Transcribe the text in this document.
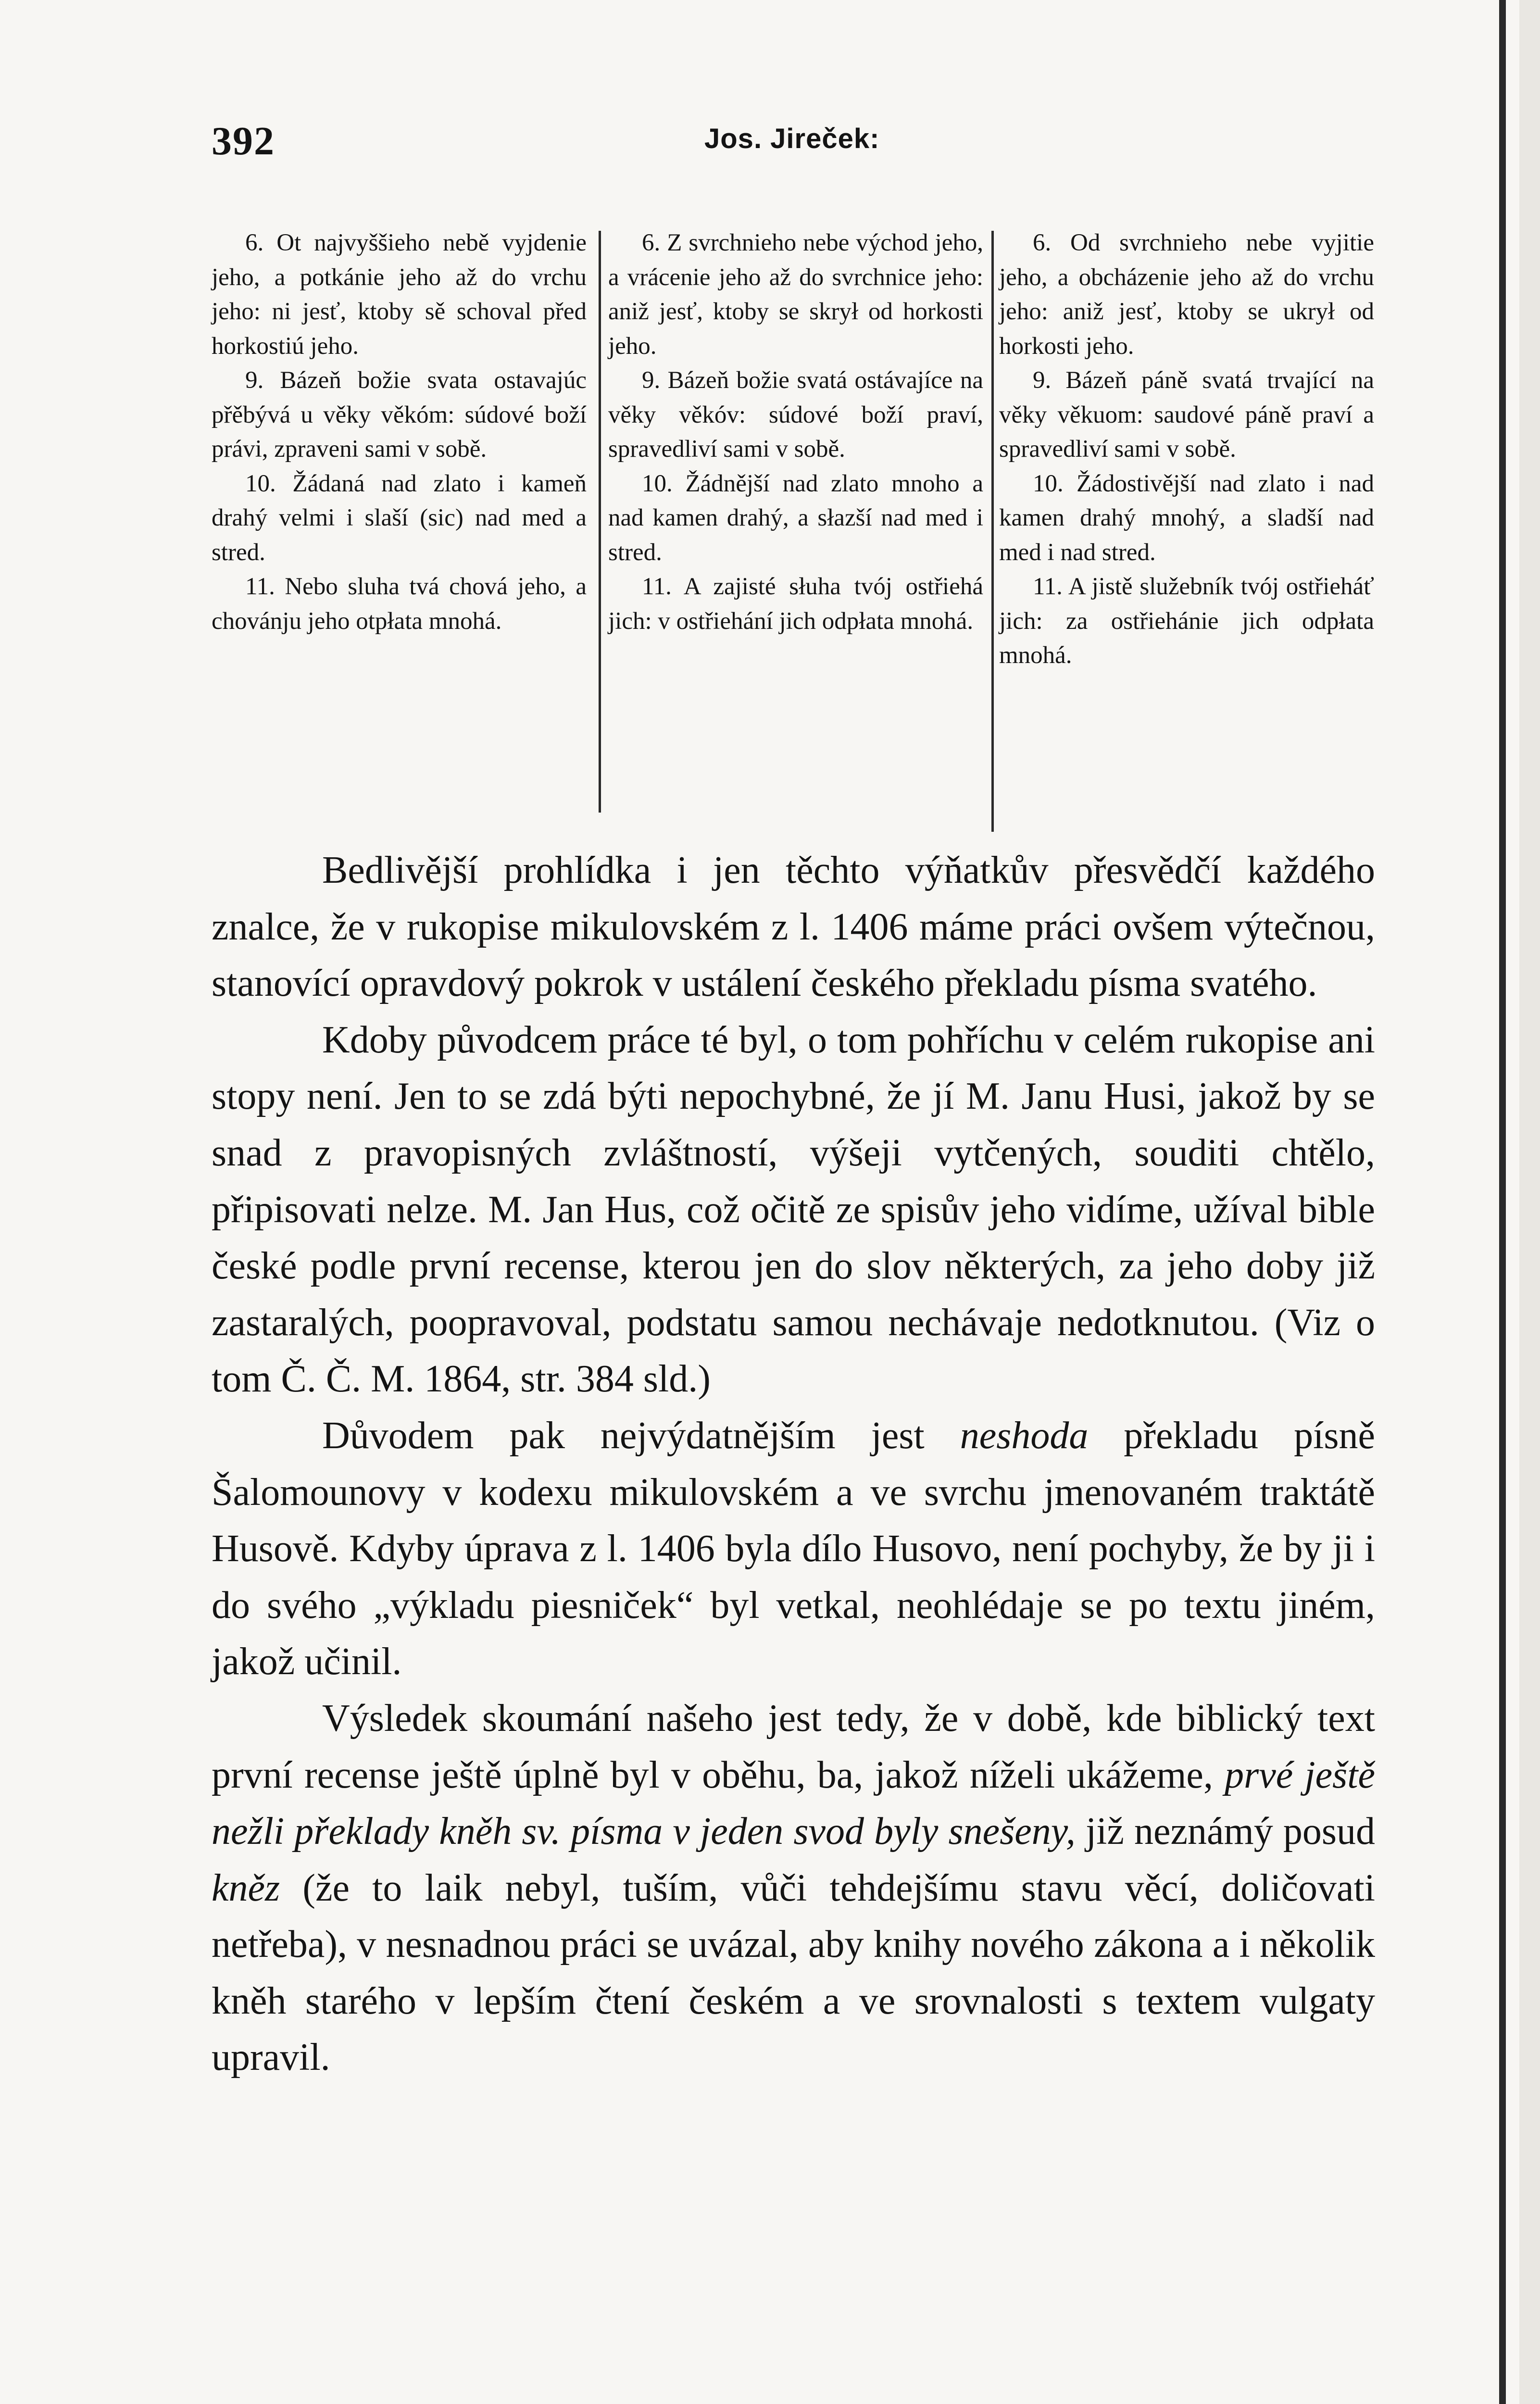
392	Jos. Jireček:

6. Ot najvyššieho nebě vyjdenie jeho, a potkánie jeho až do vrchu jeho: ni jesť, ktoby sě schoval před horkostiú jeho.

9. Bázeň božie svata ostavajúc přěbývá u věky věkóm: súdové boží právi, zpraveni sami v sobě.

10. Žádaná nad zlato i kameň drahý velmi i slaší (sic) nad med a stred.

11. Nebo sluha tvá chová jeho, a chovánju jeho otpłata mnohá.

6. Z svrchnieho nebe východ jeho, a vrácenie jeho až do svrchnice jeho: aniž jesť, ktoby se skrył od horkosti jeho.

9. Bázeň božie svatá ostávajíce na věky věkóv: súdové boží praví, spravedliví sami v sobě.

10. Žádnější nad zlato mnoho a nad kamen drahý, a słazší nad med i stred.

11. A zajisté słuha tvój ostřiehá jich: v ostřiehání jich odpłata mnohá.

6. Od svrchnieho nebe vyjitie jeho, a obcházenie jeho až do vrchu jeho: aniž jesť, ktoby se ukrył od horkosti jeho.

9. Bázeň páně svatá trvající na věky věkuom: saudové páně praví a spravedliví sami v sobě.

10. Žádostivější nad zlato i nad kamen drahý mnohý, a sladší nad med i nad stred.

11. A jistě služebník tvój ostřieháť jich: za ostřiehánie jich odpłata mnohá.

Bedlivější prohlídka i jen těchto výňatkův přesvědčí každého znalce, že v rukopise mikulovském z l. 1406 máme práci ovšem výtečnou, stanovící opravdový pokrok v ustálení českého překladu písma svatého.

Kdoby původcem práce té byl, o tom pohříchu v celém rukopise ani stopy není. Jen to se zdá býti nepochybné, že jí M. Janu Husi, jakož by se snad z pravopisných zvláštností, výšeji vytčených, souditi chtělo, připisovati nelze. M. Jan Hus, což očitě ze spisův jeho vidíme, užíval bible české podle první recense, kterou jen do slov některých, za jeho doby již zastaralých, poopravoval, podstatu samou nechávaje nedotknutou. (Viz o tom Č. Č. M. 1864, str. 384 sld.)

Důvodem pak nejvýdatnějším jest neshoda překladu písně Šalomounovy v kodexu mikulovském a ve svrchu jmenovaném traktátě Husově. Kdyby úprava z l. 1406 byla dílo Husovo, není pochyby, že by ji i do svého „výkladu piesniček“ byl vetkal, neohlédaje se po textu jiném, jakož učinil.

Výsledek skoumání našeho jest tedy, že v době, kde biblický text první recense ještě úplně byl v oběhu, ba, jakož níželi ukážeme, prvé ještě nežli překlady kněh sv. písma v jeden svod byly snešeny, již neznámý posud kněz (že to laik nebyl, tuším, vůči tehdejšímu stavu věcí, doličovati netřeba), v nesnadnou práci se uvázal, aby knihy nového zákona a i několik kněh starého v lepším čtení českém a ve srovnalosti s textem vulgaty upravil.
